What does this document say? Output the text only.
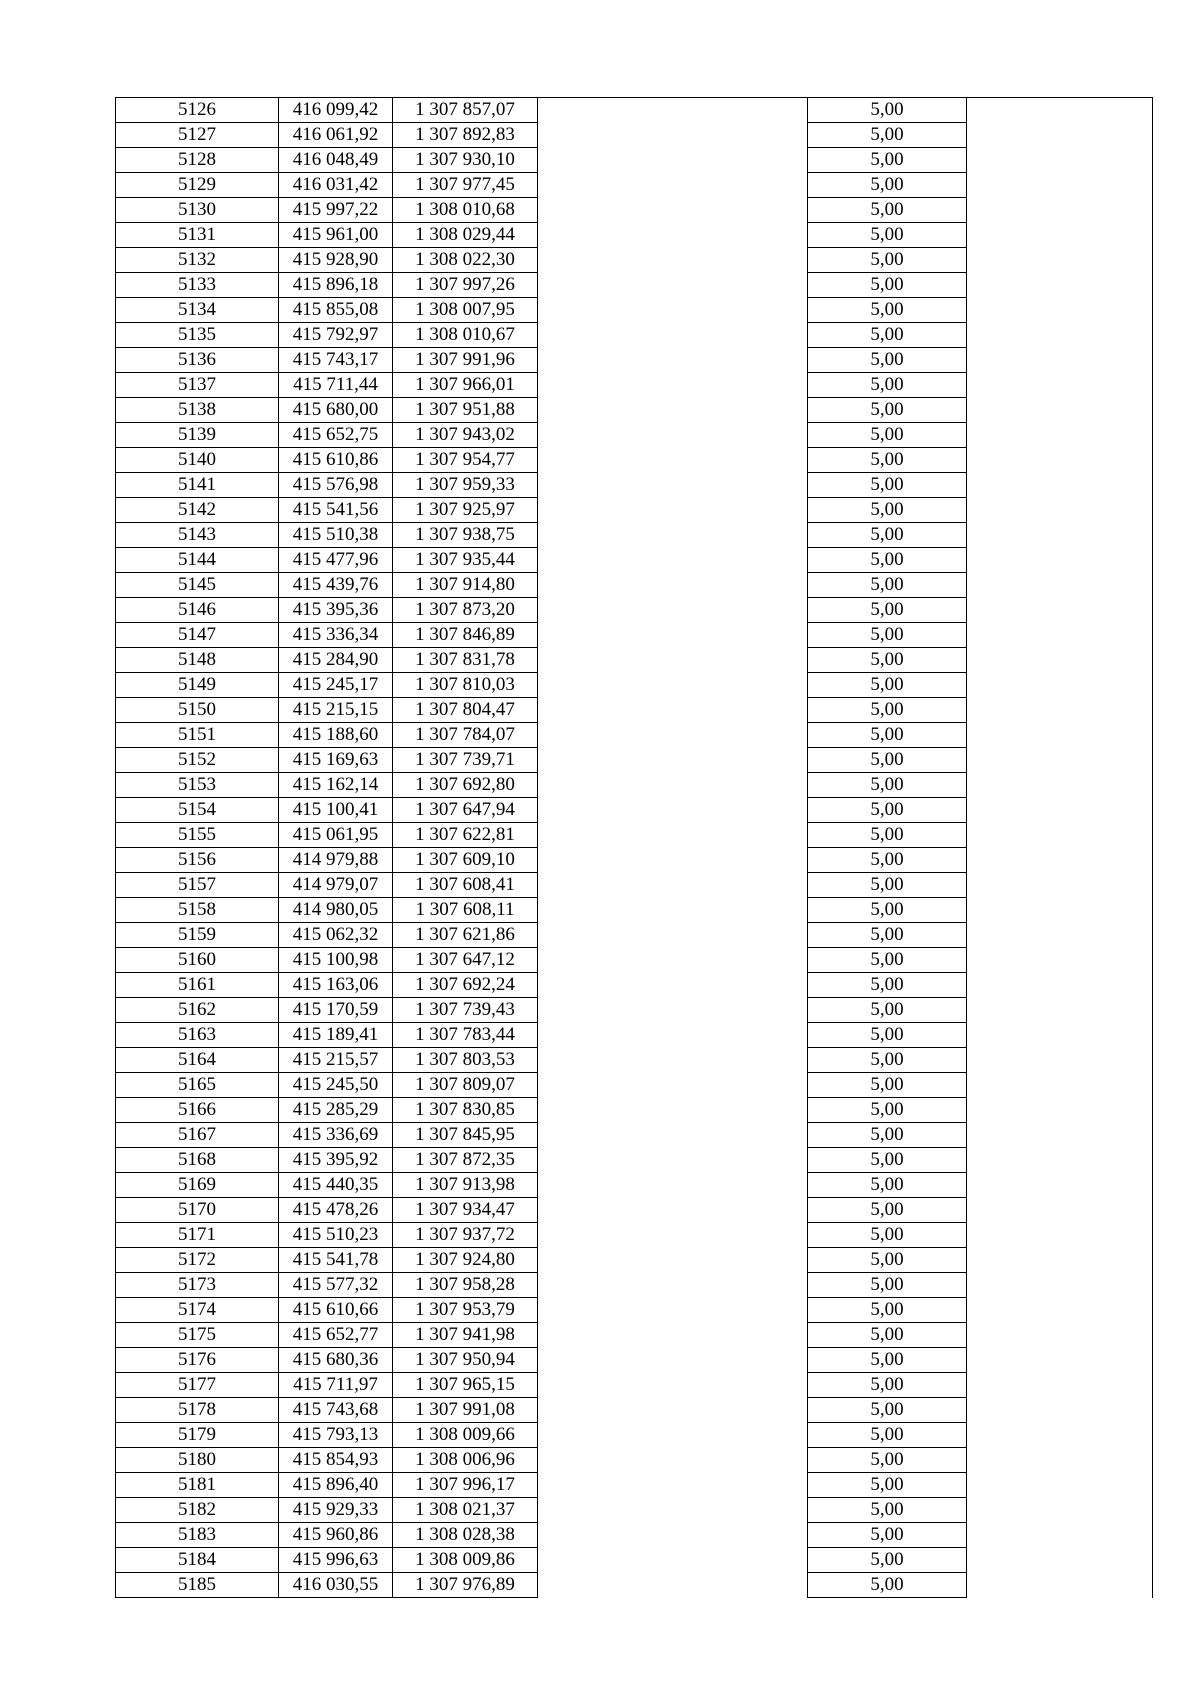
5126	416 099,42	1 307 857,07		5,00	
5127	416 061,92	1 307 892,83		5,00	
5128	416 048,49	1 307 930,10		5,00	
5129	416 031,42	1 307 977,45		5,00	
5130	415 997,22	1 308 010,68		5,00	
5131	415 961,00	1 308 029,44		5,00	
5132	415 928,90	1 308 022,30		5,00	
5133	415 896,18	1 307 997,26		5,00	
5134	415 855,08	1 308 007,95		5,00	
5135	415 792,97	1 308 010,67		5,00	
5136	415 743,17	1 307 991,96		5,00	
5137	415 711,44	1 307 966,01		5,00	
5138	415 680,00	1 307 951,88		5,00	
5139	415 652,75	1 307 943,02		5,00	
5140	415 610,86	1 307 954,77		5,00	
5141	415 576,98	1 307 959,33		5,00	
5142	415 541,56	1 307 925,97		5,00	
5143	415 510,38	1 307 938,75		5,00	
5144	415 477,96	1 307 935,44		5,00	
5145	415 439,76	1 307 914,80		5,00	
5146	415 395,36	1 307 873,20		5,00	
5147	415 336,34	1 307 846,89		5,00	
5148	415 284,90	1 307 831,78		5,00	
5149	415 245,17	1 307 810,03		5,00	
5150	415 215,15	1 307 804,47		5,00	
5151	415 188,60	1 307 784,07		5,00	
5152	415 169,63	1 307 739,71		5,00	
5153	415 162,14	1 307 692,80		5,00	
5154	415 100,41	1 307 647,94		5,00	
5155	415 061,95	1 307 622,81		5,00	
5156	414 979,88	1 307 609,10		5,00	
5157	414 979,07	1 307 608,41		5,00	
5158	414 980,05	1 307 608,11		5,00	
5159	415 062,32	1 307 621,86		5,00	
5160	415 100,98	1 307 647,12		5,00	
5161	415 163,06	1 307 692,24		5,00	
5162	415 170,59	1 307 739,43		5,00	
5163	415 189,41	1 307 783,44		5,00	
5164	415 215,57	1 307 803,53		5,00	
5165	415 245,50	1 307 809,07		5,00	
5166	415 285,29	1 307 830,85		5,00	
5167	415 336,69	1 307 845,95		5,00	
5168	415 395,92	1 307 872,35		5,00	
5169	415 440,35	1 307 913,98		5,00	
5170	415 478,26	1 307 934,47		5,00	
5171	415 510,23	1 307 937,72		5,00	
5172	415 541,78	1 307 924,80		5,00	
5173	415 577,32	1 307 958,28		5,00	
5174	415 610,66	1 307 953,79		5,00	
5175	415 652,77	1 307 941,98		5,00	
5176	415 680,36	1 307 950,94		5,00	
5177	415 711,97	1 307 965,15		5,00	
5178	415 743,68	1 307 991,08		5,00	
5179	415 793,13	1 308 009,66		5,00	
5180	415 854,93	1 308 006,96		5,00	
5181	415 896,40	1 307 996,17		5,00	
5182	415 929,33	1 308 021,37		5,00	
5183	415 960,86	1 308 028,38		5,00	
5184	415 996,63	1 308 009,86		5,00	
5185	416 030,55	1 307 976,89		5,00	
